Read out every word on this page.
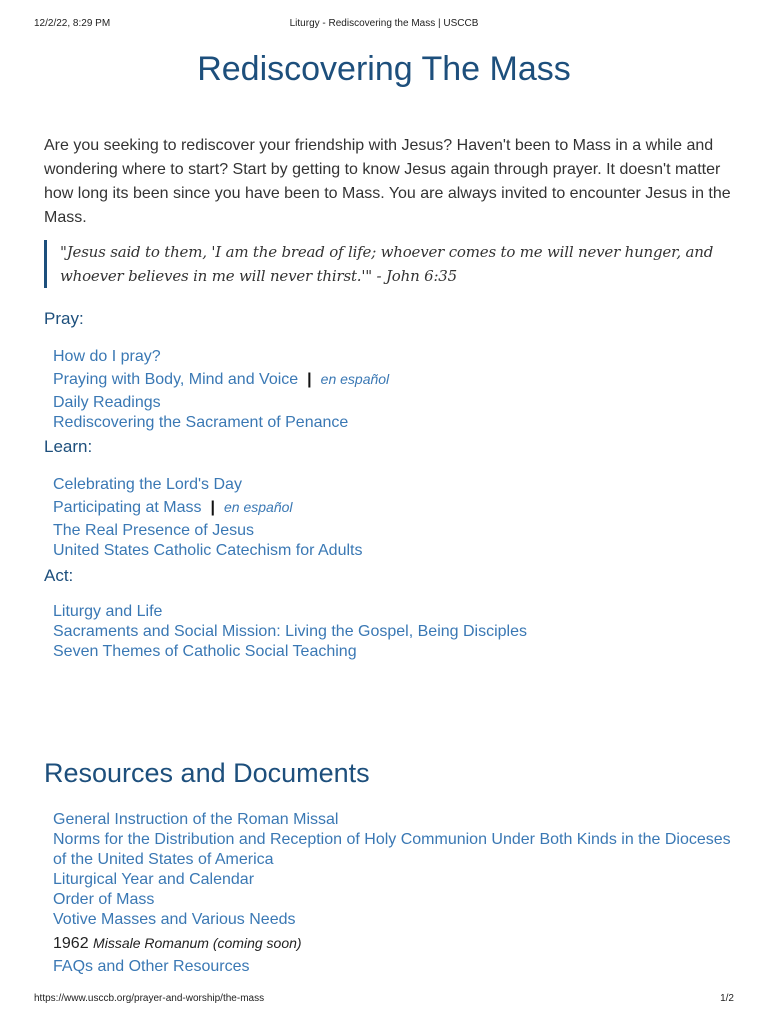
12/2/22, 8:29 PM	Liturgy - Rediscovering the Mass | USCCB
Rediscovering The Mass

Are you seeking to rediscover your friendship with Jesus? Haven't been to Mass in a while and wondering where to start? Start by getting to know Jesus again through prayer. It doesn't matter how long its been since you have been to Mass. You are always invited to encounter Jesus in the Mass.

"Jesus said to them, 'I am the bread of life; whoever comes to me will never hunger, and whoever believes in me will never thirst.'" - John 6:35
Pray:
How do I pray?
Praying with Body, Mind and Voice | en español
Daily Readings
Rediscovering the Sacrament of Penance
Learn:
Celebrating the Lord's Day
Participating at Mass | en español
The Real Presence of Jesus
United States Catholic Catechism for Adults
Act:
Liturgy and Life
Sacraments and Social Mission: Living the Gospel, Being Disciples
Seven Themes of Catholic Social Teaching
Resources and Documents
General Instruction of the Roman Missal
Norms for the Distribution and Reception of Holy Communion Under Both Kinds in the Dioceses of the United States of America
Liturgical Year and Calendar
Order of Mass
Votive Masses and Various Needs
1962 Missale Romanum (coming soon)
FAQs and Other Resources
https://www.usccb.org/prayer-and-worship/the-mass	1/2
